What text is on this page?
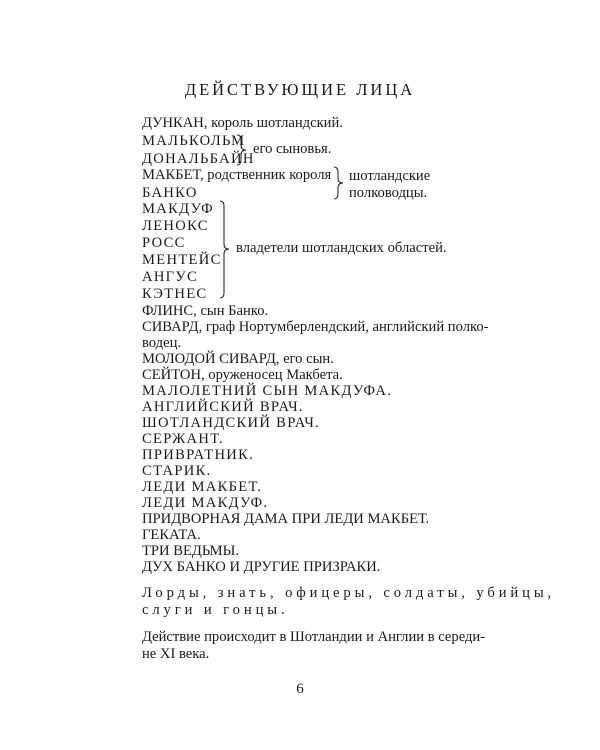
ДЕЙСТВУЮЩИЕ ЛИЦА
ДУНКАН, король шотландский.
МАЛЬКОЛЬМ
ДОНАЛЬБАЙН
его сыновья.
МАКБЕТ, родственник короля
БАНКО
шотландские
полководцы.
МАКДУФ
ЛЕНОКС
РОСС
МЕНТЕЙС
АНГУС
КЭТНЕС
владетели шотландских областей.
ФЛИНС, сын Банко.
СИВАРД, граф Нортумберлендский, английский полко-
водец.
МОЛОДОЙ СИВАРД, его сын.
СЕЙТОН, оруженосец Макбета.
МАЛОЛЕТНИЙ СЫН МАКДУФА.
АНГЛИЙСКИЙ ВРАЧ.
ШОТЛАНДСКИЙ ВРАЧ.
СЕРЖАНТ.
ПРИВРАТНИК.
СТАРИК.
ЛЕДИ МАКБЕТ.
ЛЕДИ МАКДУФ.
ПРИДВОРНАЯ ДАМА ПРИ ЛЕДИ МАКБЕТ.
ГЕКАТА.
ТРИ ВЕДЬМЫ.
ДУХ БАНКО И ДРУГИЕ ПРИЗРАКИ.
Лорды, знать, офицеры, солдаты, убийцы,
слуги и гонцы.
Действие происходит в Шотландии и Англии в середи-
не XI века.
6
